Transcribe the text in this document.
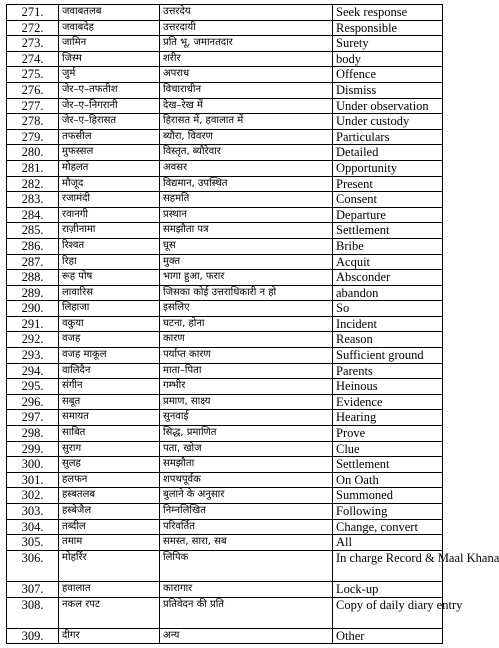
271.	जवाबतलब	उत्तरदेय	Seek response
272.	जवाबदेह	उत्तरदायी	Responsible
273.	जामिन	प्रति भू, जमानतदार	Surety
274.	जिस्म	शरीर	body
275.	जुर्म	अपराध	Offence
276.	जेर–ए–तफतीश	विचाराधीन	Dismiss
277.	जेर–ए–निगरानी	देख–रेख में	Under observation
278.	जेर–ए–हिरासत	हिरासत में, हवालात में	Under custody
279.	तफसील	ब्यौरा, विवरण	Particulars
280.	मुफस्सल	विस्तृत, ब्यौरेवार	Detailed
281.	मोहलत	अवसर	Opportunity
282.	मौजूद	विद्यमान, उपस्थित	Present
283.	रजामंदी	सहमति	Consent
284.	रवानगी	प्रस्थान	Departure
285.	राज़ीनामा	समझौता पत्र	Settlement
286.	रिश्वत	घूस	Bribe
287.	रिहा	मुक्त	Acquit
288.	रूह पोष	भागा हुआ, फरार	Absconder
289.	लावारिस	जिसका कोई उत्तराधिकारी न हो	abandon
290.	लिहाजा	इसलिए	So
291.	वकुया	घटना, होना	Incident
292.	वजह	कारण	Reason
293.	वजह माकूल	पर्याप्त कारण	Sufficient ground
294.	वालिदैन	माता–पिता	Parents
295.	संगीन	गम्भीर	Heinous
296.	सबूत	प्रमाण, साक्ष्य	Evidence
297.	समायत	सुनवाई	Hearing
298.	साबित	सिद्ध, प्रमाणित	Prove
299.	सुराग	पता, खोज	Clue
300.	सुलह	समझौता	Settlement
301.	हलफन	शपथपूर्वक	On Oath
302.	हस्बतलब	बुलाने के अनुसार	Summoned
303.	हस्बेजैल	निम्नलिखित	Following
304.	तब्दील	परिवर्तित	Change, convert
305.	तमाम	समस्त, सारा, सब	All
306.	मोहर्रिर	लिपिक	In charge Record & Maal Khana
307.	हवालात	कारागार	Lock-up
308.	नकल रपट	प्रतिवेदन की प्रति	Copy of daily diary entry
309.	दीगर	अन्य	Other
